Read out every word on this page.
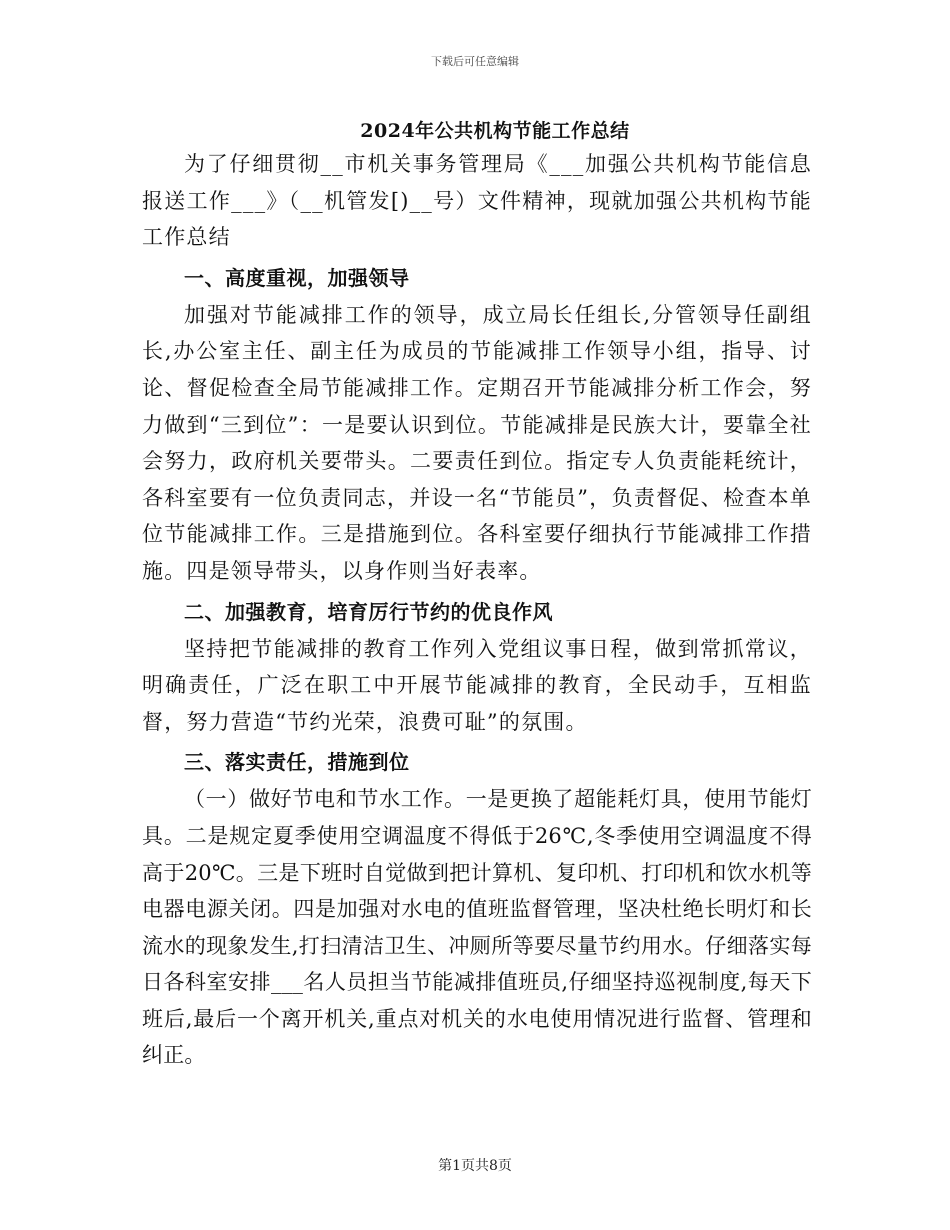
下载后可任意编辑
2024年公共机构节能工作总结

为了仔细贯彻__市机关事务管理局《___加强公共机构节能信息报送工作___》（__机管发[)__号）文件精神，现就加强公共机构节能工作总结

一、高度重视，加强领导

加强对节能减排工作的领导，成立局长任组长,分管领导任副组长,办公室主任、副主任为成员的节能减排工作领导小组，指导、讨论、督促检查全局节能减排工作。定期召开节能减排分析工作会，努力做到“三到位”：一是要认识到位。节能减排是民族大计，要靠全社会努力，政府机关要带头。二要责任到位。指定专人负责能耗统计，各科室要有一位负责同志，并设一名“节能员”，负责督促、检查本单位节能减排工作。三是措施到位。各科室要仔细执行节能减排工作措施。四是领导带头，以身作则当好表率。

二、加强教育，培育厉行节约的优良作风

坚持把节能减排的教育工作列入党组议事日程，做到常抓常议，明确责任，广泛在职工中开展节能减排的教育，全民动手，互相监督，努力营造“节约光荣，浪费可耻”的氛围。

三、落实责任，措施到位

（一）做好节电和节水工作。一是更换了超能耗灯具，使用节能灯具。二是规定夏季使用空调温度不得低于26℃,冬季使用空调温度不得高于20℃。三是下班时自觉做到把计算机、复印机、打印机和饮水机等电器电源关闭。四是加强对水电的值班监督管理，坚决杜绝长明灯和长流水的现象发生,打扫清洁卫生、冲厕所等要尽量节约用水。仔细落实每日各科室安排___名人员担当节能减排值班员,仔细坚持巡视制度,每天下班后,最后一个离开机关,重点对机关的水电使用情况进行监督、管理和纠正。

第1页共8页
